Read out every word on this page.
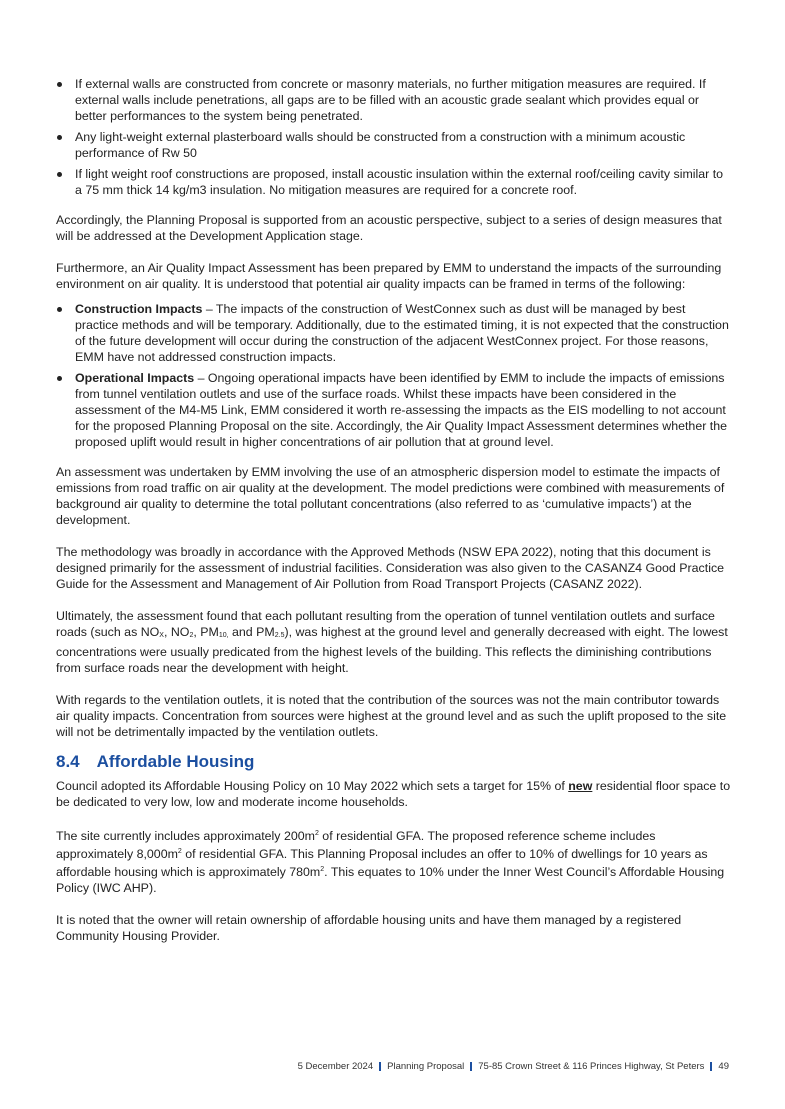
If external walls are constructed from concrete or masonry materials, no further mitigation measures are required. If external walls include penetrations, all gaps are to be filled with an acoustic grade sealant which provides equal or better performances to the system being penetrated.
Any light-weight external plasterboard walls should be constructed from a construction with a minimum acoustic performance of Rw 50
If light weight roof constructions are proposed, install acoustic insulation within the external roof/ceiling cavity similar to a 75 mm thick 14 kg/m3 insulation. No mitigation measures are required for a concrete roof.

Accordingly, the Planning Proposal is supported from an acoustic perspective, subject to a series of design measures that will be addressed at the Development Application stage.

Furthermore, an Air Quality Impact Assessment has been prepared by EMM to understand the impacts of the surrounding environment on air quality. It is understood that potential air quality impacts can be framed in terms of the following:

Construction Impacts – The impacts of the construction of WestConnex such as dust will be managed by best practice methods and will be temporary. Additionally, due to the estimated timing, it is not expected that the construction of the future development will occur during the construction of the adjacent WestConnex project. For those reasons, EMM have not addressed construction impacts.
Operational Impacts – Ongoing operational impacts have been identified by EMM to include the impacts of emissions from tunnel ventilation outlets and use of the surface roads. Whilst these impacts have been considered in the assessment of the M4-M5 Link, EMM considered it worth re-assessing the impacts as the EIS modelling to not account for the proposed Planning Proposal on the site. Accordingly, the Air Quality Impact Assessment determines whether the proposed uplift would result in higher concentrations of air pollution that at ground level.

An assessment was undertaken by EMM involving the use of an atmospheric dispersion model to estimate the impacts of emissions from road traffic on air quality at the development. The model predictions were combined with measurements of background air quality to determine the total pollutant concentrations (also referred to as ‘cumulative impacts’) at the development.

The methodology was broadly in accordance with the Approved Methods (NSW EPA 2022), noting that this document is designed primarily for the assessment of industrial facilities. Consideration was also given to the CASANZ4 Good Practice Guide for the Assessment and Management of Air Pollution from Road Transport Projects (CASANZ 2022).

Ultimately, the assessment found that each pollutant resulting from the operation of tunnel ventilation outlets and surface roads (such as NOX, NO2, PM10, and PM2.5), was highest at the ground level and generally decreased with eight. The lowest concentrations were usually predicated from the highest levels of the building. This reflects the diminishing contributions from surface roads near the development with height.

With regards to the ventilation outlets, it is noted that the contribution of the sources was not the main contributor towards air quality impacts. Concentration from sources were highest at the ground level and as such the uplift proposed to the site will not be detrimentally impacted by the ventilation outlets.

8.4 Affordable Housing

Council adopted its Affordable Housing Policy on 10 May 2022 which sets a target for 15% of new residential floor space to be dedicated to very low, low and moderate income households.

The site currently includes approximately $200m^2$ of residential GFA. The proposed reference scheme includes approximately $8,000m^2$ of residential GFA. This Planning Proposal includes an offer to 10% of dwellings for 10 years as affordable housing which is approximately $780m^2$. This equates to 10% under the Inner West Council’s Affordable Housing Policy (IWC AHP).

It is noted that the owner will retain ownership of affordable housing units and have them managed by a registered Community Housing Provider.

5 December 2024 Planning Proposal 75-85 Crown Street & 116 Princes Highway, St Peters 49
